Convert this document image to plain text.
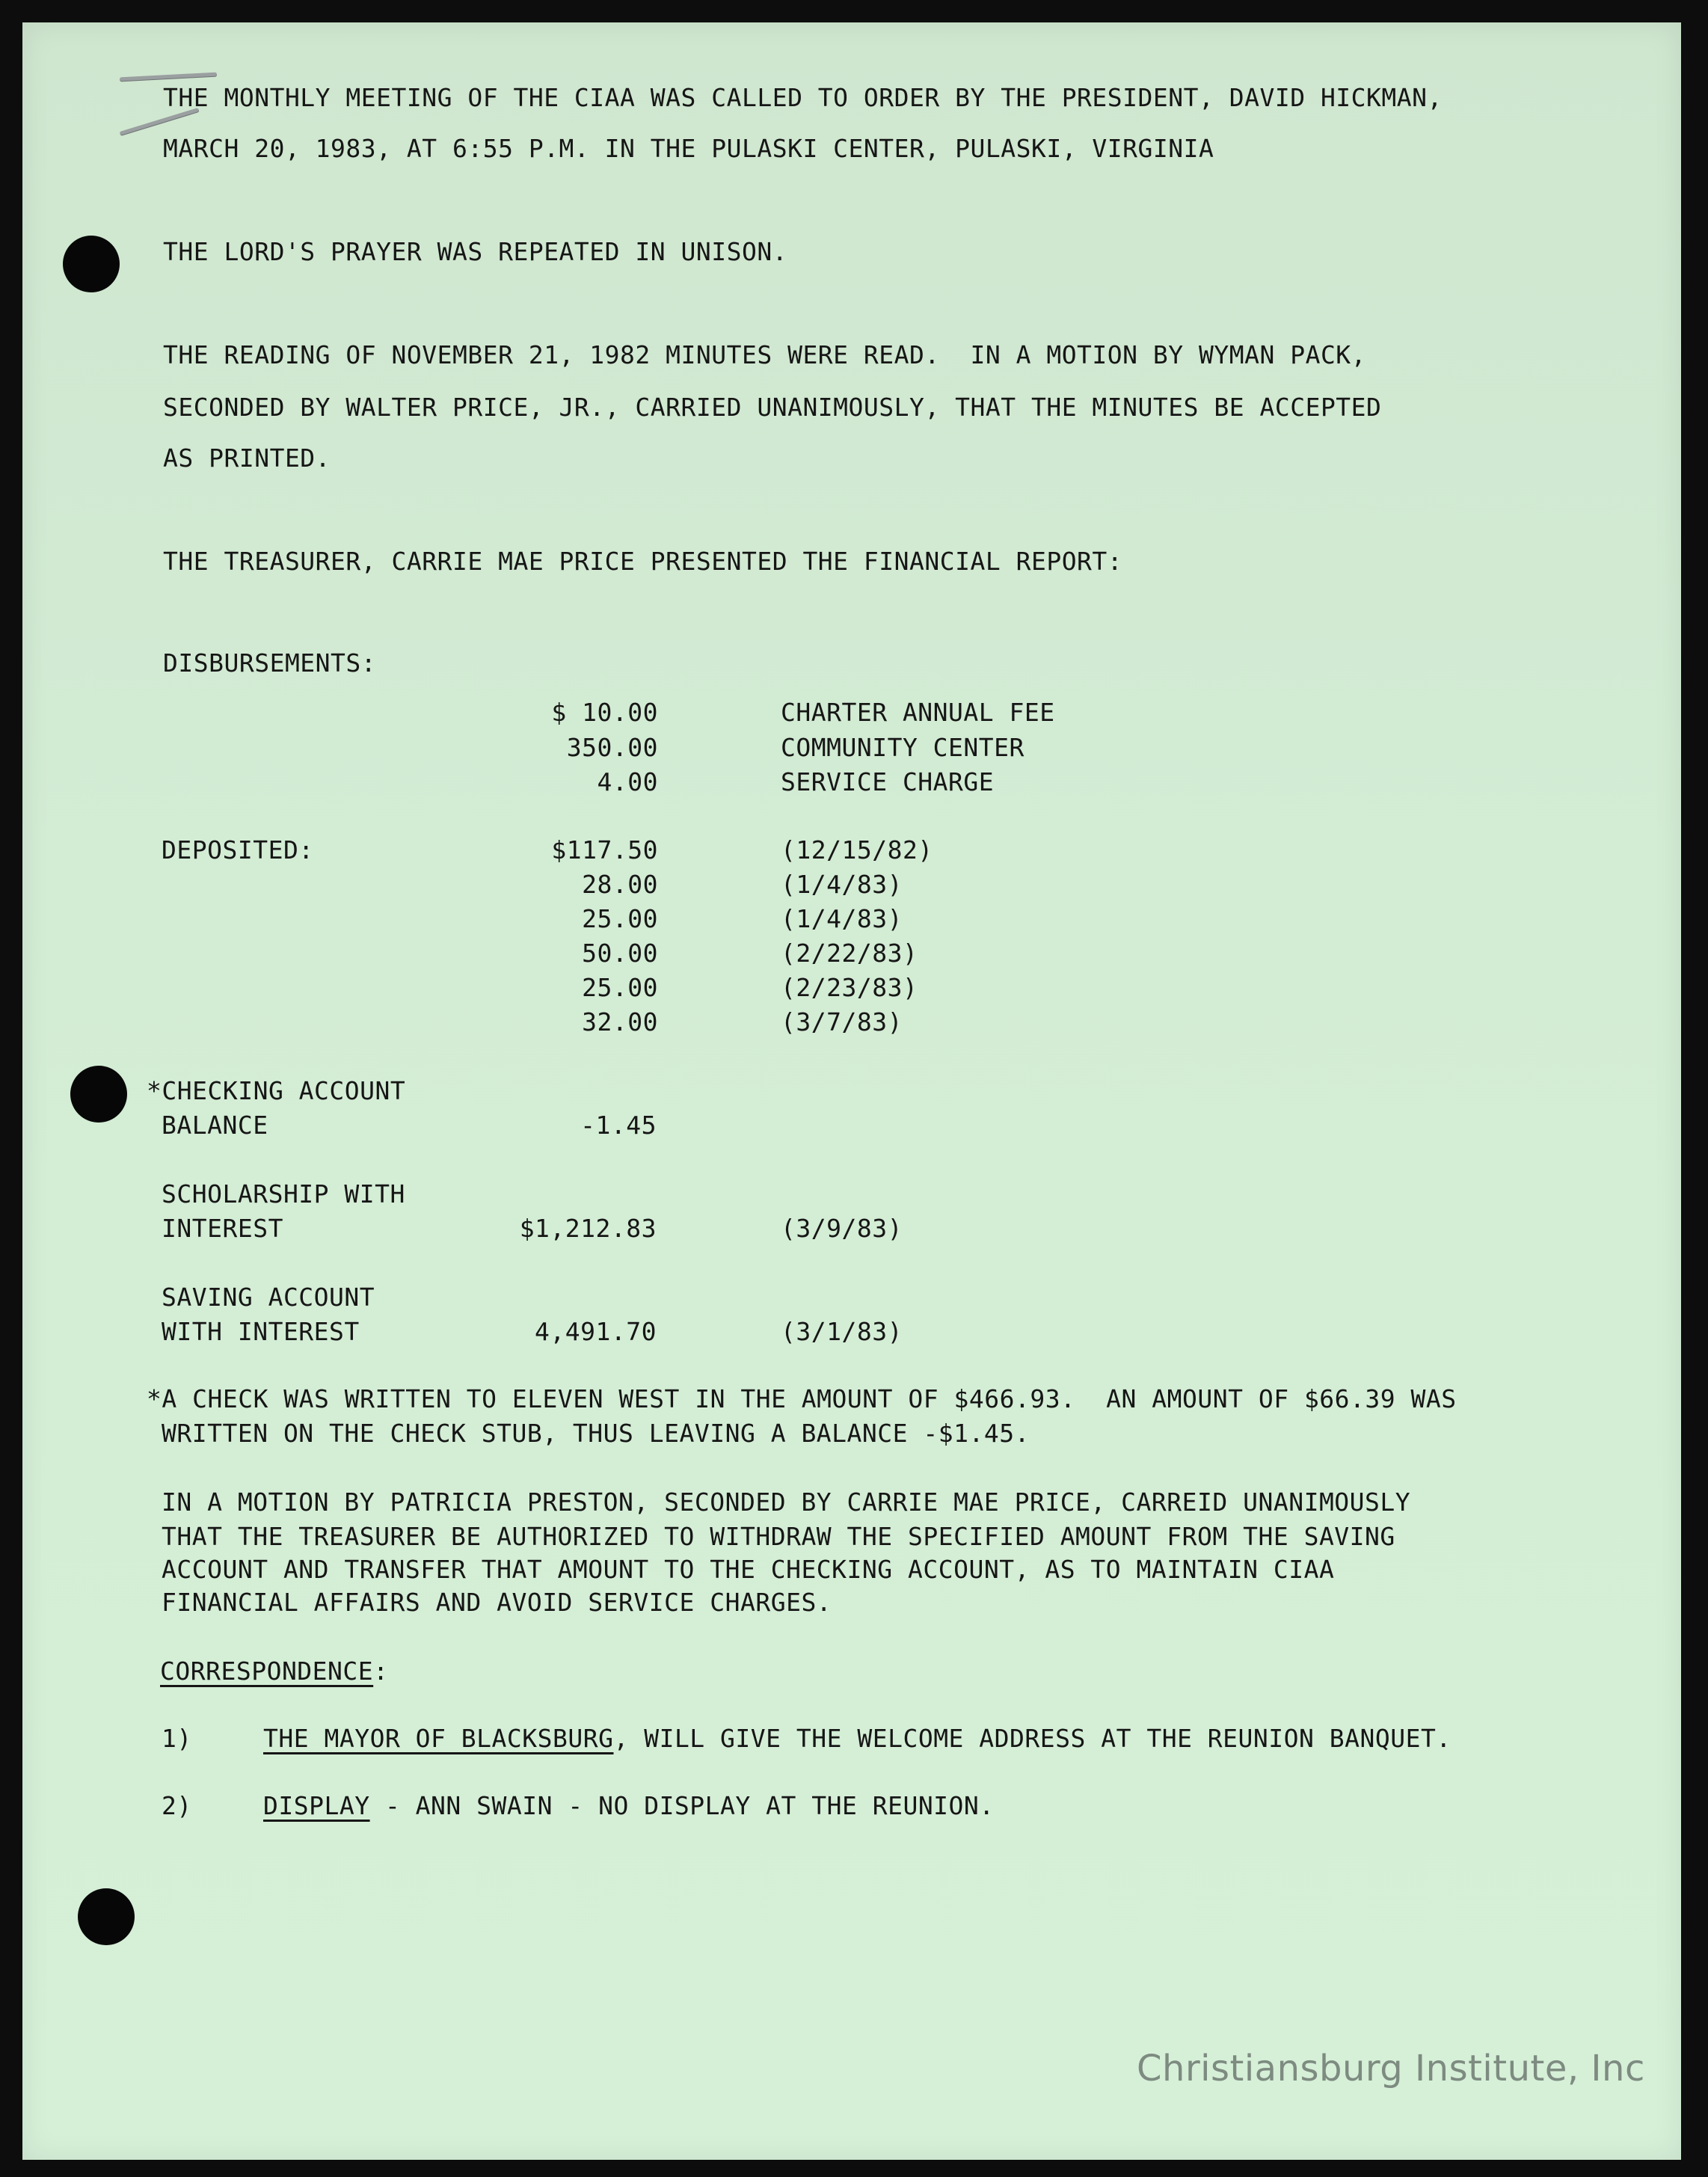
THE MONTHLY MEETING OF THE CIAA WAS CALLED TO ORDER BY THE PRESIDENT, DAVID HICKMAN,

MARCH 20, 1983, AT 6:55 P.M. IN THE PULASKI CENTER, PULASKI, VIRGINIA

THE LORD'S PRAYER WAS REPEATED IN UNISON.

THE READING OF NOVEMBER 21, 1982 MINUTES WERE READ.  IN A MOTION BY WYMAN PACK,

SECONDED BY WALTER PRICE, JR., CARRIED UNANIMOUSLY, THAT THE MINUTES BE ACCEPTED

AS PRINTED.

THE TREASURER, CARRIE MAE PRICE PRESENTED THE FINANCIAL REPORT:

DISBURSEMENTS:

$ 10.00	CHARTER ANNUAL FEE

350.00	COMMUNITY CENTER

4.00	SERVICE CHARGE

DEPOSITED:	$117.50	(12/15/82)

28.00	(1/4/83)

25.00	(1/4/83)

50.00	(2/22/83)

25.00	(2/23/83)

32.00	(3/7/83)

*CHECKING ACCOUNT

BALANCE	-1.45

SCHOLARSHIP WITH

INTEREST	$1,212.83	(3/9/83)

SAVING ACCOUNT

WITH INTEREST	4,491.70	(3/1/83)

*A CHECK WAS WRITTEN TO ELEVEN WEST IN THE AMOUNT OF $466.93.  AN AMOUNT OF $66.39 WAS

WRITTEN ON THE CHECK STUB, THUS LEAVING A BALANCE -$1.45.

IN A MOTION BY PATRICIA PRESTON, SECONDED BY CARRIE MAE PRICE, CARREID UNANIMOUSLY

THAT THE TREASURER BE AUTHORIZED TO WITHDRAW THE SPECIFIED AMOUNT FROM THE SAVING

ACCOUNT AND TRANSFER THAT AMOUNT TO THE CHECKING ACCOUNT, AS TO MAINTAIN CIAA

FINANCIAL AFFAIRS AND AVOID SERVICE CHARGES.

CORRESPONDENCE:

1)	THE MAYOR OF BLACKSBURG, WILL GIVE THE WELCOME ADDRESS AT THE REUNION BANQUET.

2)	DISPLAY - ANN SWAIN - NO DISPLAY AT THE REUNION.

Christiansburg Institute, Inc
